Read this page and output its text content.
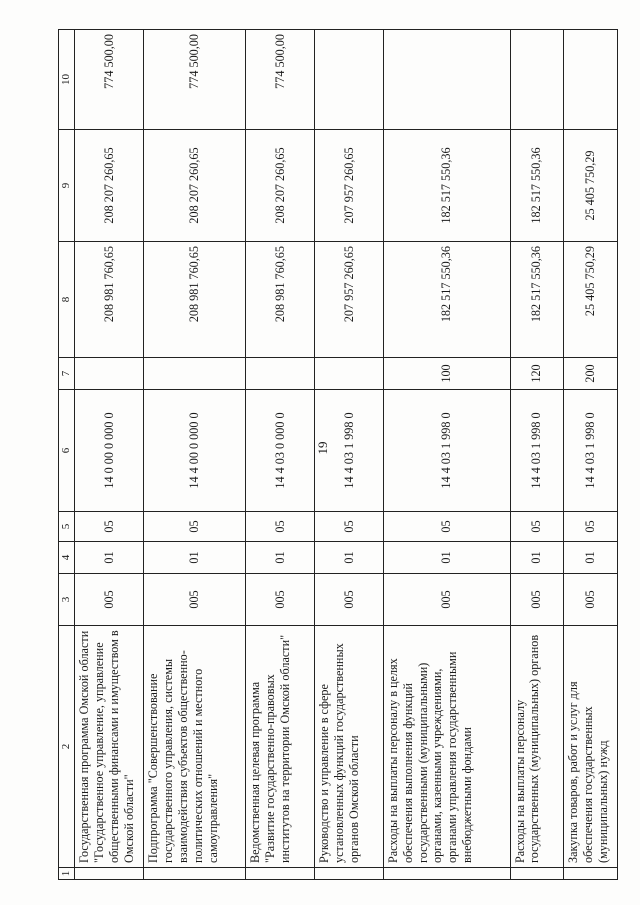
19
1	2	3	4	5	6	7	8	9	10
	Государственная программа Омской области "Государственное управление, управление общественными финансами и имуществом в Омской области"	005	01	05	14 0 00 0 000 0		208 981 760,65	208 207 260,65	774 500,00
	Подпрограмма "Совершенствование государственного управления, системы взаимодействия субъектов общественно-политических отношений и местного самоуправления"	005	01	05	14 4 00 0 000 0		208 981 760,65	208 207 260,65	774 500,00
	Ведомственная целевая программа "Развитие государственно-правовых институтов на территории Омской области"	005	01	05	14 4 03 0 000 0		208 981 760,65	208 207 260,65	774 500,00
	Руководство и управление в сфере установленных функций государственных органов Омской области	005	01	05	14 4 03 1 998 0		207 957 260,65	207 957 260,65	
	Расходы на выплаты персоналу в целях обеспечения выполнения функций государственными (муниципальными) органами, казенными учреждениями, органами управления государственными внебюджетными фондами	005	01	05	14 4 03 1 998 0	100	182 517 550,36	182 517 550,36	
	Расходы на выплаты персоналу государственных (муниципальных) органов	005	01	05	14 4 03 1 998 0	120	182 517 550,36	182 517 550,36	
	Закупка товаров, работ и услуг для обеспечения государственных (муниципальных) нужд	005	01	05	14 4 03 1 998 0	200	25 405 750,29	25 405 750,29	
